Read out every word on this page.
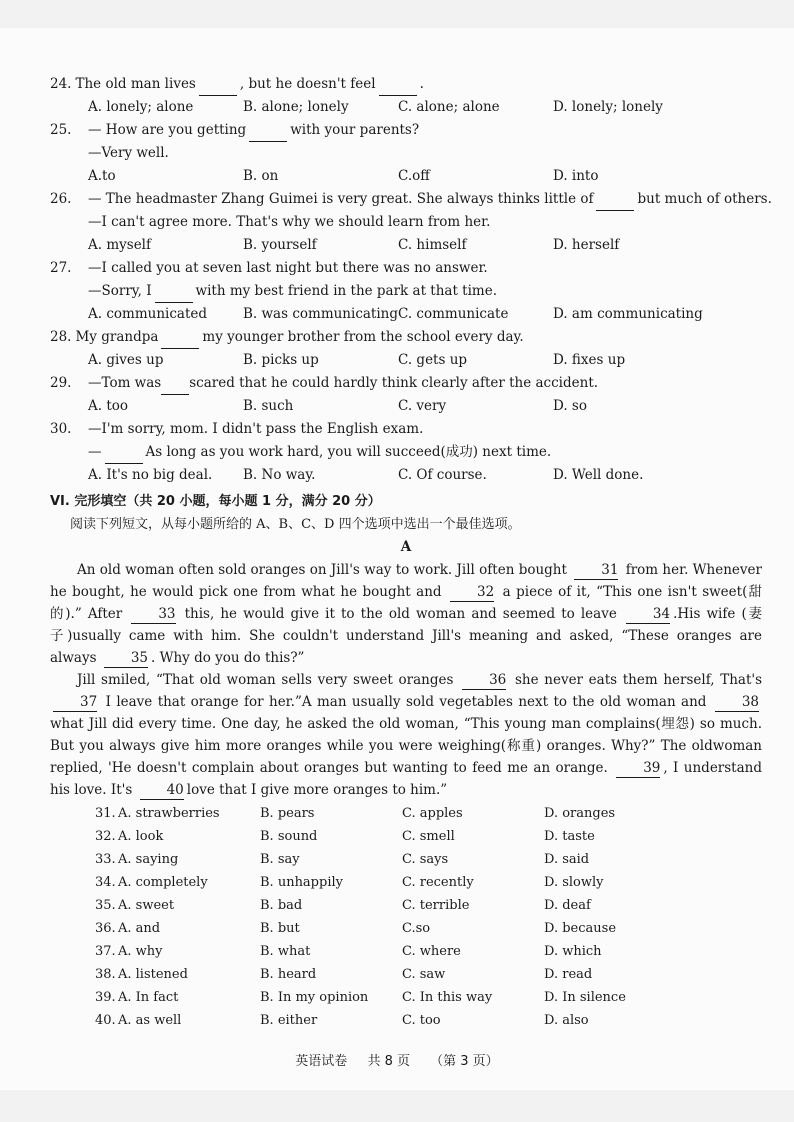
24. The old man lives	, but he doesn't feel	.
A. lonely; alone	B. alone; lonely	C. alone; alone	D. lonely; lonely
25.	— How are you getting	with your parents?
—Very well.
A.to	B. on	C.off	D. into
26.	— The headmaster Zhang Guimei is very great. She always thinks little of	but much of others.
—I can't agree more. That's why we should learn from her.
A. myself	B. yourself	C. himself	D. herself
27.	—I called you at seven last night but there was no answer.
—Sorry, I	with my best friend in the park at that time.
A. communicated	B. was communicating C. communicate	D. am communicating
28. My grandpa	my younger brother from the school every day.
A. gives up	B. picks up	C. gets up	D. fixes up
29.	—Tom was scared that he could hardly think clearly after the accident.
A. too	B. such	C. very	D. so
30.	—I'm sorry, mom. I didn't pass the English exam.
—	As long as you work hard, you will succeed(成功) next time.
A. It's no big deal.	B. No way.	C. Of course.	D. Well done.
VI. 完形填空（共 20 小题，每小题 1 分，满分 20 分）
阅读下列短文，从每小题所给的 A、B、C、D 四个选项中选出一个最佳选项。
A
An old woman often sold oranges on Jill's way to work. Jill often bought	31 from her. Whenever he bought, he would pick one from what he bought and	32 a piece of it, “This one isn't sweet(甜的).” After	33 this, he would give it to the old woman and seemed to leave	34 .His wife (妻子)usually came with him. She couldn't understand Jill's meaning and asked, “These oranges are always	35 . Why do you do this?”
Jill smiled, “That old woman sells very sweet oranges	36 she never eats them herself, That's 37 I leave that orange for her.”A man usually sold vegetables next to the old woman and	38 what Jill did every time. One day, he asked the old woman, “This young man complains(埋怨) so much. But you always give him more oranges while you were weighing(称重) oranges. Why?” The oldwoman replied, 'He doesn't complain about oranges but wanting to feed me an orange.	39 , I understand his love. It's	40 love that I give more oranges to him.”
31. A. strawberries	B. pears	C. apples	D. oranges
32. A. look	B. sound	C. smell	D. taste
33. A. saying	B. say	C. says	D. said
34. A. completely	B. unhappily	C. recently	D. slowly
35. A. sweet	B. bad	C. terrible	D. deaf
36. A. and	B. but	C.so	D. because
37. A. why	B. what	C. where	D. which
38. A. listened	B. heard	C. saw	D. read
39. A. In fact	B. In my opinion	C. In this way	D. In silence
40. A. as well	B. either	C. too	D. also
英语试卷 共 8 页 （第 3 页）
